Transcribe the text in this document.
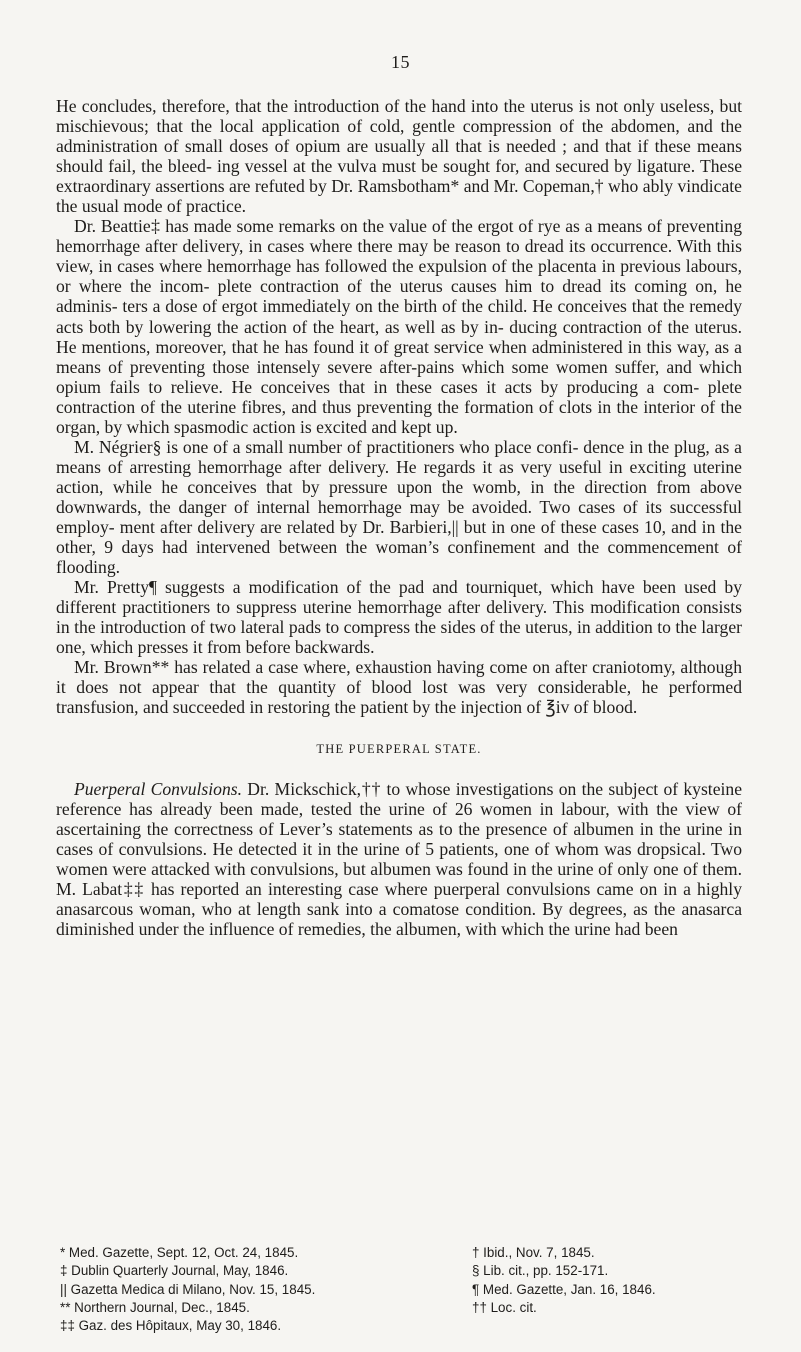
15

He concludes, therefore, that the introduction of the hand into the uterus is not only useless, but mischievous; that the local application of cold, gentle compression of the abdomen, and the administration of small doses of opium are usually all that is needed ; and that if these means should fail, the bleed- ing vessel at the vulva must be sought for, and secured by ligature. These extraordinary assertions are refuted by Dr. Ramsbotham* and Mr. Copeman,† who ably vindicate the usual mode of practice.

Dr. Beattie‡ has made some remarks on the value of the ergot of rye as a means of preventing hemorrhage after delivery, in cases where there may be reason to dread its occurrence. With this view, in cases where hemorrhage has followed the expulsion of the placenta in previous labours, or where the incom- plete contraction of the uterus causes him to dread its coming on, he adminis- ters a dose of ergot immediately on the birth of the child. He conceives that the remedy acts both by lowering the action of the heart, as well as by in- ducing contraction of the uterus. He mentions, moreover, that he has found it of great service when administered in this way, as a means of preventing those intensely severe after-pains which some women suffer, and which opium fails to relieve. He conceives that in these cases it acts by producing a com- plete contraction of the uterine fibres, and thus preventing the formation of clots in the interior of the organ, by which spasmodic action is excited and kept up.

M. Négrier§ is one of a small number of practitioners who place confi- dence in the plug, as a means of arresting hemorrhage after delivery. He regards it as very useful in exciting uterine action, while he conceives that by pressure upon the womb, in the direction from above downwards, the danger of internal hemorrhage may be avoided. Two cases of its successful employ- ment after delivery are related by Dr. Barbieri,|| but in one of these cases 10, and in the other, 9 days had intervened between the woman’s confinement and the commencement of flooding.

Mr. Pretty¶ suggests a modification of the pad and tourniquet, which have been used by different practitioners to suppress uterine hemorrhage after delivery. This modification consists in the introduction of two lateral pads to compress the sides of the uterus, in addition to the larger one, which presses it from before backwards.

Mr. Brown** has related a case where, exhaustion having come on after craniotomy, although it does not appear that the quantity of blood lost was very considerable, he performed transfusion, and succeeded in restoring the patient by the injection of ℥iv of blood.

THE PUERPERAL STATE.

Puerperal Convulsions. Dr. Mickschick,†† to whose investigations on the subject of kysteine reference has already been made, tested the urine of 26 women in labour, with the view of ascertaining the correctness of Lever’s statements as to the presence of albumen in the urine in cases of convulsions. He detected it in the urine of 5 patients, one of whom was dropsical. Two women were attacked with convulsions, but albumen was found in the urine of only one of them. M. Labat‡‡ has reported an interesting case where puerperal convulsions came on in a highly anasarcous woman, who at length sank into a comatose condition. By degrees, as the anasarca diminished under the influence of remedies, the albumen, with which the urine had been

* Med. Gazette, Sept. 12, Oct. 24, 1845.
‡ Dublin Quarterly Journal, May, 1846.
|| Gazetta Medica di Milano, Nov. 15, 1845.
** Northern Journal, Dec., 1845.
‡‡ Gaz. des Hôpitaux, May 30, 1846.
† Ibid., Nov. 7, 1845.
§ Lib. cit., pp. 152-171.
¶ Med. Gazette, Jan. 16, 1846.
†† Loc. cit.
